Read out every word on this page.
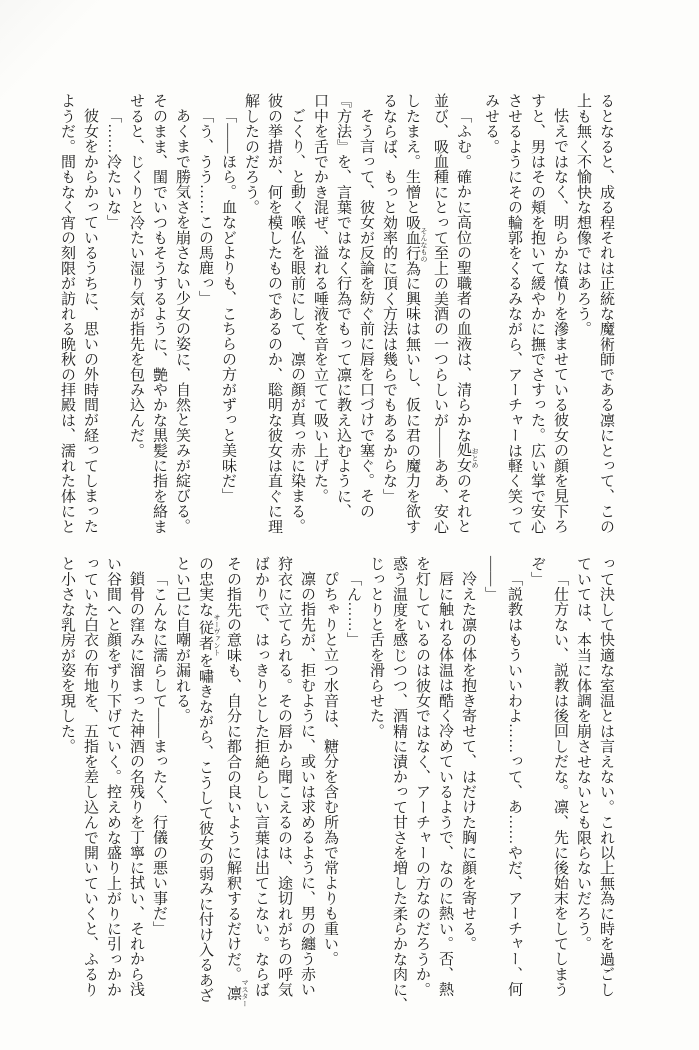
るとなると、成る程それは正統な魔術師である凛にとって、この
上も無く不愉快な想像ではあろう。
怯えではなく、明らかな憤りを滲ませている彼女の顔を見下ろ
すと、男はその頬を抱いて緩やかに撫でさすった。広い掌で安心
させるようにその輪郭をくるみながら、アーチャーは軽く笑って
みせる。
「ふむ。確かに高位の聖職者の血液は、清らかな処女 おとめのそれと
並び、吸血種にとって至上の美酒の一つらしいが――ああ、安心
したまえ。生憎と吸血行為 そんなものに興味は無いし、仮に君の魔力を欲す
るならば、もっと効率的に頂く方法は幾らでもあるからな」
そう言って、彼女が反論を紡ぐ前に唇を口づけで塞ぐ。その
『方法』を、言葉ではなく行為でもって凛に教え込むように、
口中を舌でかき混ぜ、溢れる唾液を音を立てて吸い上げた。
ごくり、と動く喉仏を眼前にして、凛の顔が真っ赤に染まる。
彼の挙措が、何を模したものであるのか、聡明な彼女は直ぐに理
解したのだろう。
「――ほら。血などよりも、こちらの方がずっと美味だ」
「う、うう……この馬鹿っ」
あくまで勝気さを崩さない少女の姿に、自然と笑みが綻びる。
そのまま、閨でいつもそうするように、艶やかな黒髪に指を絡ま
せると、じくりと冷たい湿り気が指先を包み込んだ。
「……冷たいな」
彼女をからかっているうちに、思いの外時間が経ってしまった
ようだ。間もなく宵の刻限が訪れる晩秋の拝殿は、濡れた体にと
って決して快適な室温とは言えない。これ以上無為に時を過ごし
ていては、本当に体調を崩させないとも限らないだろう。
「仕方ない、説教は後回しだな。凛、先に後始末をしてしまう
ぞ」
「説教はもういいわよ……って、あ……やだ、アーチャー、何
――」
冷えた凛の体を抱き寄せて、はだけた胸に顔を寄せる。
唇に触れる体温は酷く冷めているようで、なのに熱い。否、熱
を灯しているのは彼女ではなく、アーチャーの方なのだろうか。
惑う温度を感じつつ、酒精に漬かって甘さを増した柔らかな肉に、
じっとりと舌を滑らせた。
「ん……」
ぴちゃりと立つ水音は、糖分を含む所為で常よりも重い。
凛の指先が、拒むように、或いは求めるように、男の纏う赤い
狩衣に立てられる。その唇から聞こえるのは、途切れがちの呼気
ばかりで、はっきりとした拒絶らしい言葉は出てこない。ならば
その指先の意味も、自分に都合の良いように解釈するだけだ。凛 マスター
の忠実な従者 サーヴァントを嘯きながら、こうして彼女の弱みに付け入るあざ
とい己に自嘲が漏れる。
「こんなに濡らして――まったく、行儀の悪い事だ」
鎖骨の窪みに溜まった神酒の名残りを丁寧に拭い、それから浅
い谷間へと顔をずり下げていく。控えめな盛り上がりに引っかか
っていた白衣の布地を、五指を差し込んで開いていくと、ふるり
と小さな乳房が姿を現した。
